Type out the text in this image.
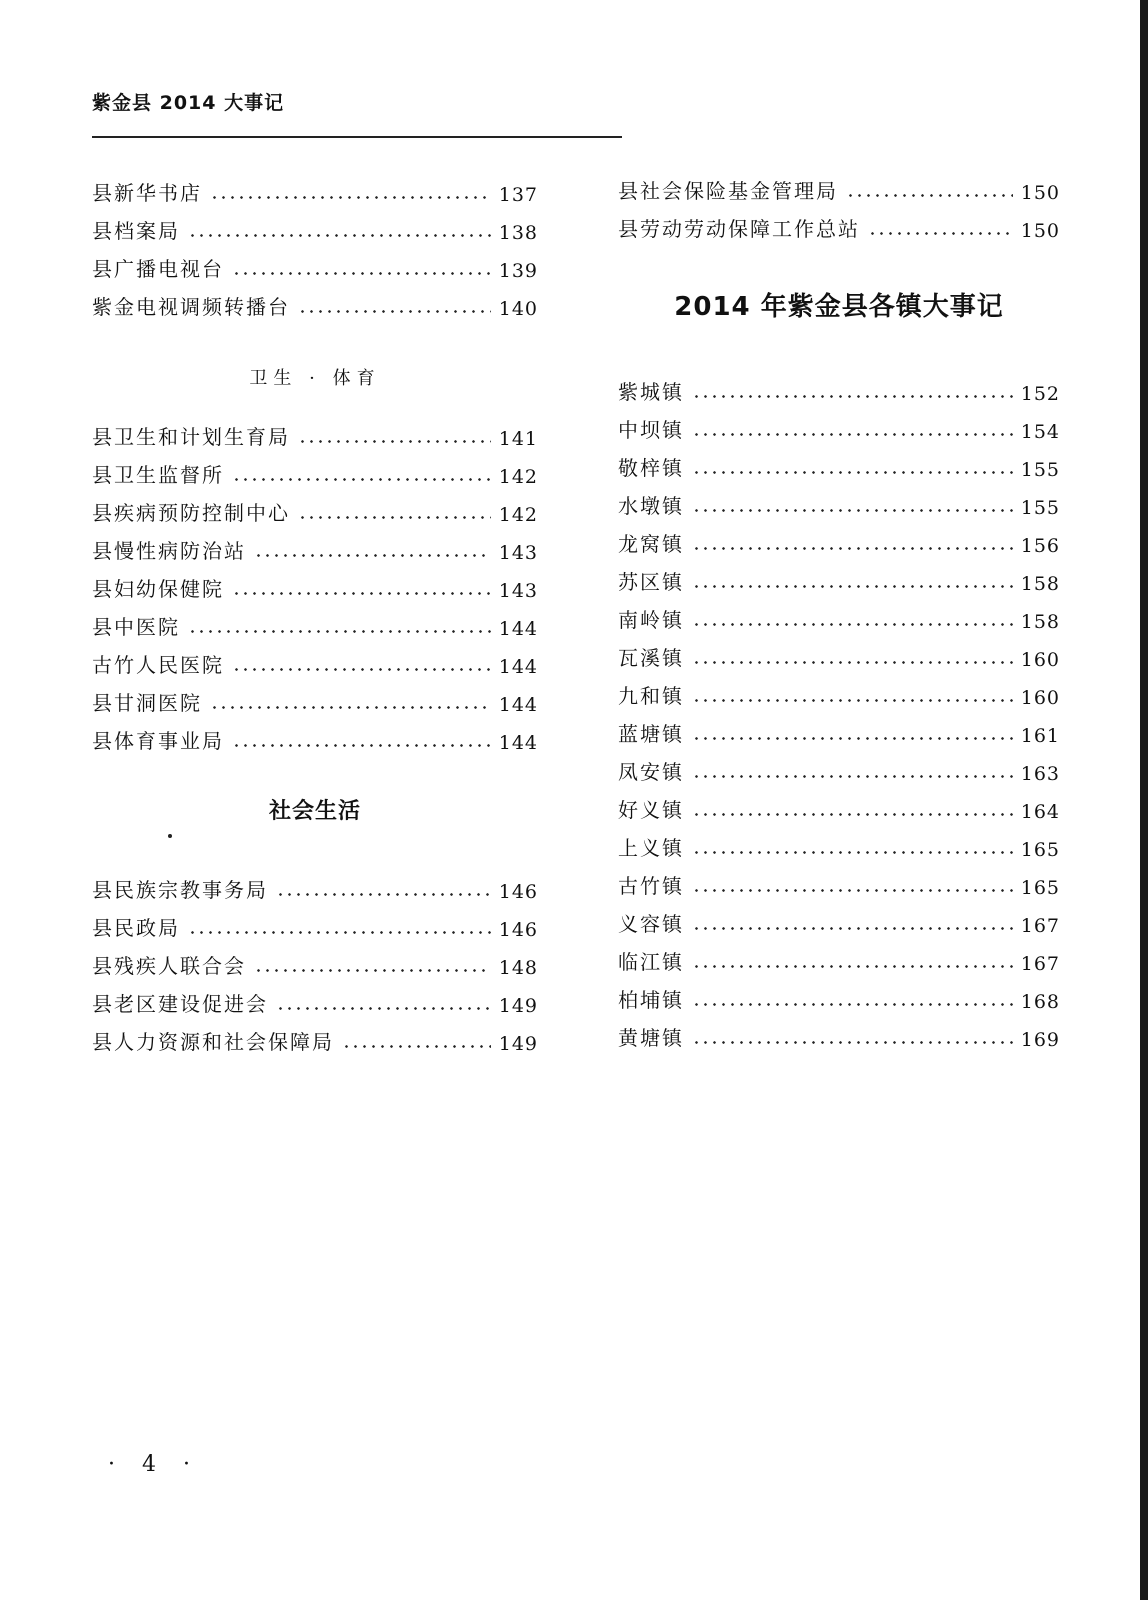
紫金县 2014 大事记
县新华书店	137
县档案局	138
县广播电视台	139
紫金电视调频转播台	140
卫生 · 体育
县卫生和计划生育局	141
县卫生监督所	142
县疾病预防控制中心	142
县慢性病防治站	143
县妇幼保健院	143
县中医院	144
古竹人民医院	144
县甘洞医院	144
县体育事业局	144
社会生活
县民族宗教事务局	146
县民政局	146
县残疾人联合会	148
县老区建设促进会	149
县人力资源和社会保障局	149
县社会保险基金管理局	150
县劳动劳动保障工作总站	150
2014 年紫金县各镇大事记
紫城镇	152
中坝镇	154
敬梓镇	155
水墩镇	155
龙窝镇	156
苏区镇	158
南岭镇	158
瓦溪镇	160
九和镇	160
蓝塘镇	161
凤安镇	163
好义镇	164
上义镇	165
古竹镇	165
义容镇	167
临江镇	167
柏埔镇	168
黄塘镇	169
· 4 ·
